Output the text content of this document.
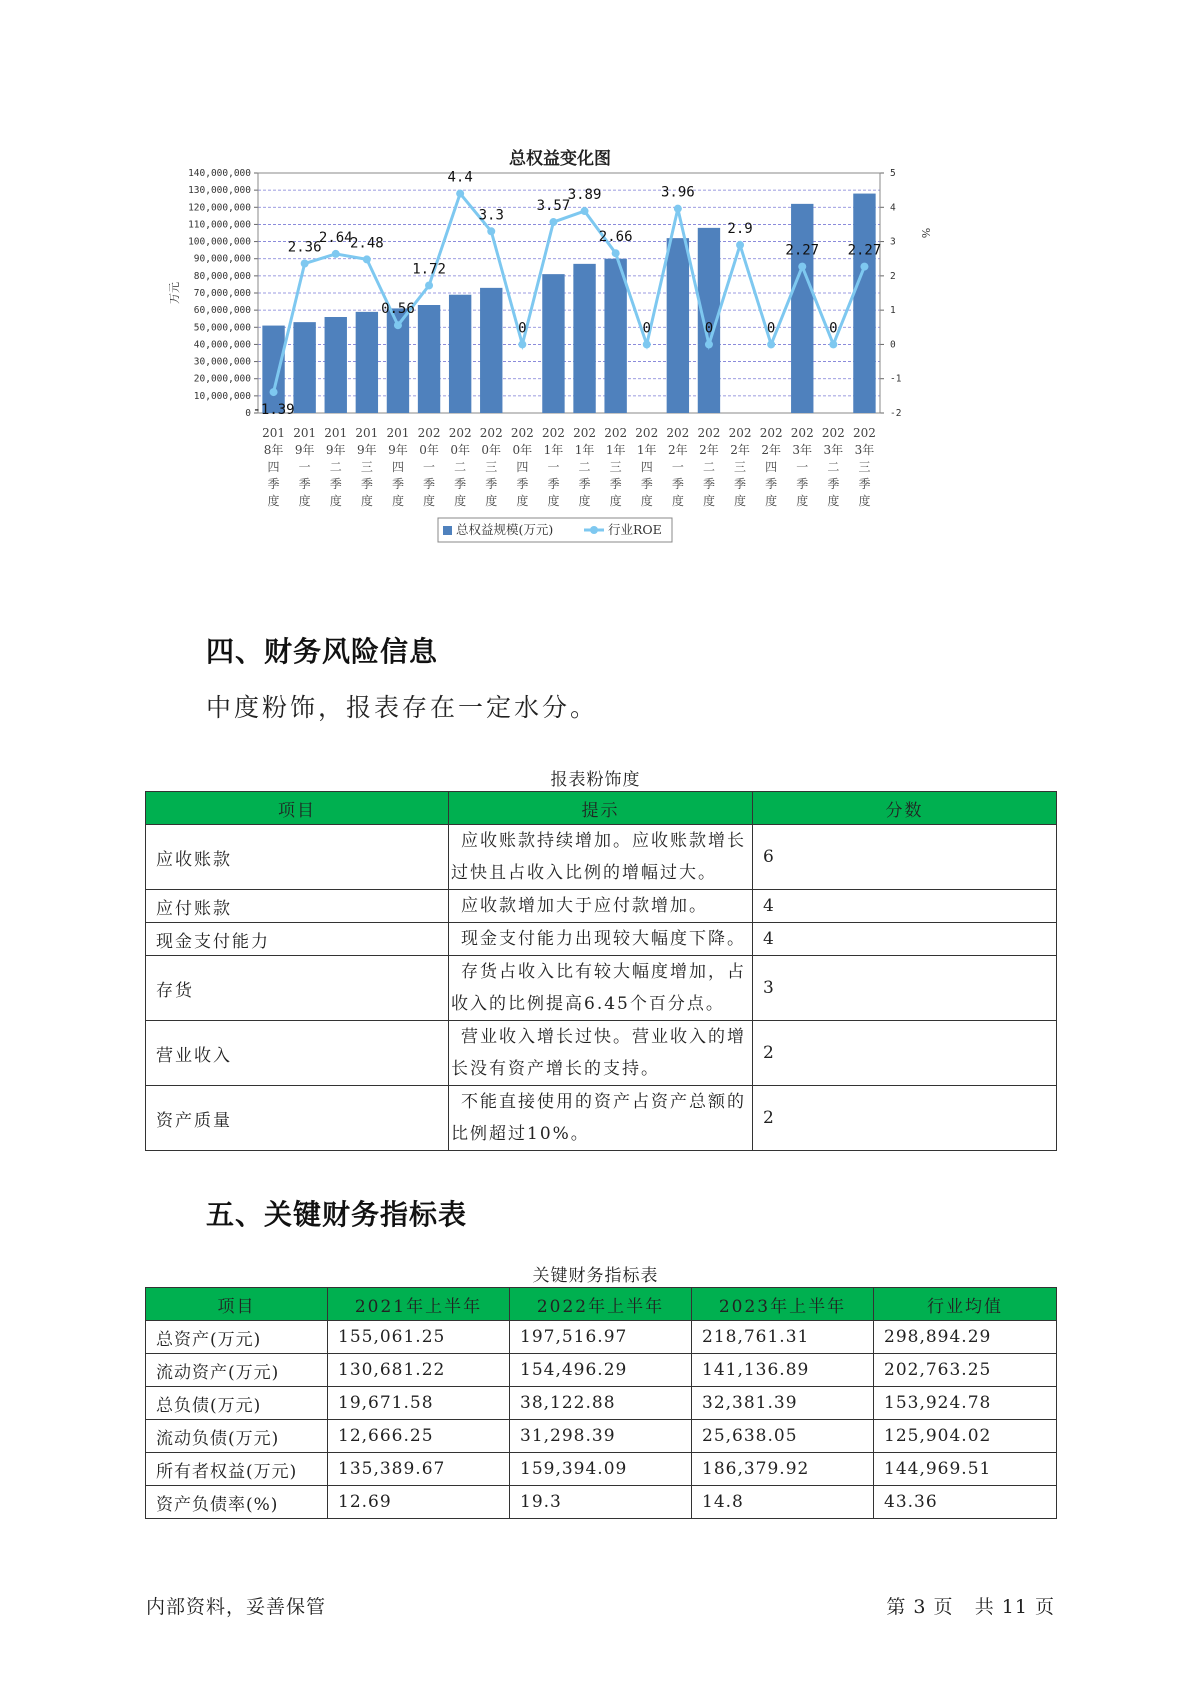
总权益变化图
0
10,000,000
20,000,000
30,000,000
40,000,000
50,000,000
60,000,000
70,000,000
80,000,000
90,000,000
100,000,000
110,000,000
120,000,000
130,000,000
140,000,000
-2
-1
0
1
2
3
4
5
万元
%
-1.39
2.36
2.64
2.48
0.56
1.72
4.4
3.3
0
3.57
3.89
2.66
0
3.96
0
2.9
0
2.27
0
2.27
201
8年
四
季
度
201
9年
一
季
度
201
9年
二
季
度
201
9年
三
季
度
201
9年
四
季
度
202
0年
一
季
度
202
0年
二
季
度
202
0年
三
季
度
202
0年
四
季
度
202
1年
一
季
度
202
1年
二
季
度
202
1年
三
季
度
202
1年
四
季
度
202
2年
一
季
度
202
2年
二
季
度
202
2年
三
季
度
202
2年
四
季
度
202
3年
一
季
度
202
3年
二
季
度
202
3年
三
季
度
总权益规模(万元)	行业ROE
四、财务风险信息
中度粉饰，报表存在一定水分。
报表粉饰度
项目	提示	分数
应收账款	应收账款持续增加。应收账款增长过快且占收入比例的增幅过大。	6
应付账款	应收款增加大于应付款增加。	4
现金支付能力	现金支付能力出现较大幅度下降。	4
存货	存货占收入比有较大幅度增加，占收入的比例提高6.45个百分点。	3
营业收入	营业收入增长过快。营业收入的增长没有资产增长的支持。	2
资产质量	不能直接使用的资产占资产总额的比例超过10%。	2
五、关键财务指标表
关键财务指标表
项目	2021年上半年	2022年上半年	2023年上半年	行业均值
总资产(万元)	155,061.25	197,516.97	218,761.31	298,894.29
流动资产(万元)	130,681.22	154,496.29	141,136.89	202,763.25
总负债(万元)	19,671.58	38,122.88	32,381.39	153,924.78
流动负债(万元)	12,666.25	31,298.39	25,638.05	125,904.02
所有者权益(万元)	135,389.67	159,394.09	186,379.92	144,969.51
资产负债率(%)	12.69	19.3	14.8	43.36
内部资料，妥善保管	第 3 页 共 11 页
